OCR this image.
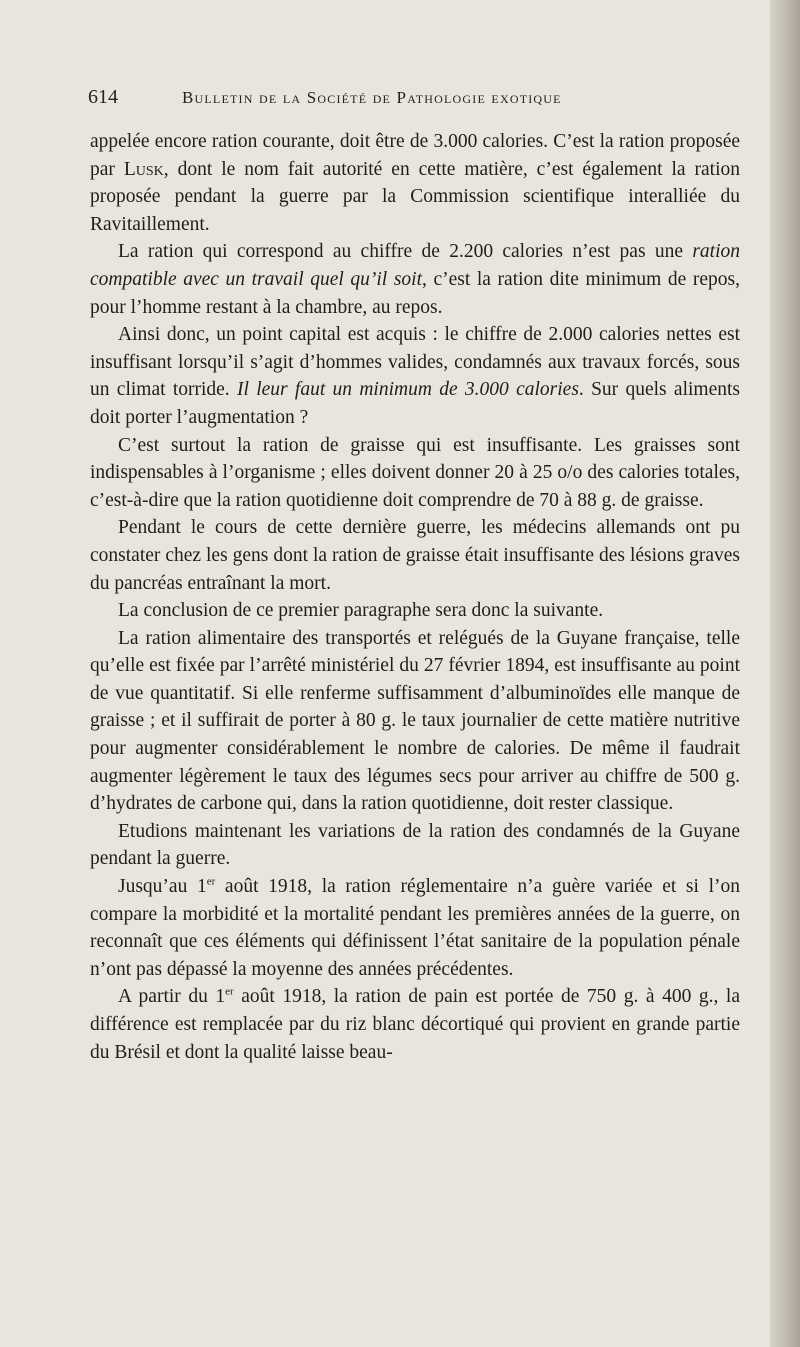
614	Bulletin de la Société de Pathologie exotique

appelée encore ration courante, doit être de 3.000 calories. C’est la ration proposée par Lusk, dont le nom fait autorité en cette matière, c’est également la ration proposée pendant la guerre par la Commission scientifique interalliée du Ravitaillement.

La ration qui correspond au chiffre de 2.200 calories n’est pas une ration compatible avec un travail quel qu’il soit, c’est la ration dite minimum de repos, pour l’homme restant à la chambre, au repos.

Ainsi donc, un point capital est acquis : le chiffre de 2.000 calories nettes est insuffisant lorsqu’il s’agit d’hommes valides, condamnés aux travaux forcés, sous un climat torride. Il leur faut un minimum de 3.000 calories. Sur quels aliments doit porter l’augmentation ?

C’est surtout la ration de graisse qui est insuffisante. Les graisses sont indispensables à l’organisme ; elles doivent donner 20 à 25 o/o des calories totales, c’est-à-dire que la ration quotidienne doit comprendre de 70 à 88 g. de graisse.

Pendant le cours de cette dernière guerre, les médecins allemands ont pu constater chez les gens dont la ration de graisse était insuffisante des lésions graves du pancréas entraînant la mort.

La conclusion de ce premier paragraphe sera donc la suivante.

La ration alimentaire des transportés et relégués de la Guyane française, telle qu’elle est fixée par l’arrêté ministériel du 27 février 1894, est insuffisante au point de vue quantitatif. Si elle renferme suffisamment d’albuminoïdes elle manque de graisse ; et il suffirait de porter à 80 g. le taux journalier de cette matière nutritive pour augmenter considérablement le nombre de calories. De même il faudrait augmenter légèrement le taux des légumes secs pour arriver au chiffre de 500 g. d’hydrates de carbone qui, dans la ration quotidienne, doit rester classique.

Etudions maintenant les variations de la ration des condamnés de la Guyane pendant la guerre.

Jusqu’au 1er août 1918, la ration réglementaire n’a guère variée et si l’on compare la morbidité et la mortalité pendant les premières années de la guerre, on reconnaît que ces éléments qui définissent l’état sanitaire de la population pénale n’ont pas dépassé la moyenne des années précédentes.

A partir du 1er août 1918, la ration de pain est portée de 750 g. à 400 g., la différence est remplacée par du riz blanc décortiqué qui provient en grande partie du Brésil et dont la qualité laisse beau-
